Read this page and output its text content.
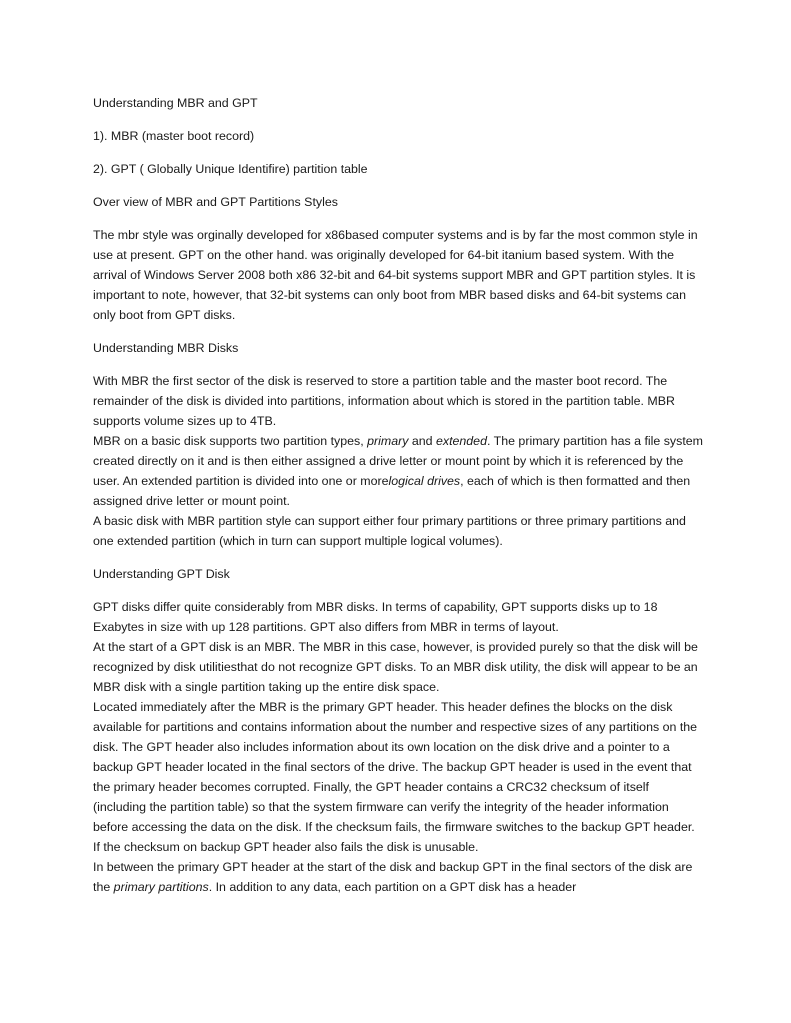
Understanding MBR and GPT

1). MBR (master boot record)

2). GPT ( Globally Unique Identifire) partition table

Over view of MBR and GPT Partitions Styles

The mbr style was orginally developed for x86based computer systems and is by far the most common style in use at present. GPT on the other hand. was originally developed for 64-bit itanium based system. With the arrival of Windows Server 2008 both x86 32-bit and 64-bit systems support MBR and GPT partition styles. It is important to note, however, that 32-bit systems can only boot from MBR based disks and 64-bit systems can only boot from GPT disks.

Understanding MBR Disks

With MBR the first sector of the disk is reserved to store a partition table and the master boot record. The remainder of the disk is divided into partitions, information about which is stored in the partition table. MBR supports volume sizes up to 4TB.

MBR on a basic disk supports two partition types, primary and extended. The primary partition has a file system created directly on it and is then either assigned a drive letter or mount point by which it is referenced by the user. An extended partition is divided into one or morelogical drives, each of which is then formatted and then assigned drive letter or mount point.

A basic disk with MBR partition style can support either four primary partitions or three primary partitions and one extended partition (which in turn can support multiple logical volumes).

Understanding GPT Disk

GPT disks differ quite considerably from MBR disks. In terms of capability, GPT supports disks up to 18 Exabytes in size with up 128 partitions. GPT also differs from MBR in terms of layout.

At the start of a GPT disk is an MBR. The MBR in this case, however, is provided purely so that the disk will be recognized by disk utilitiesthat do not recognize GPT disks. To an MBR disk utility, the disk will appear to be an MBR disk with a single partition taking up the entire disk space.

Located immediately after the MBR is the primary GPT header. This header defines the blocks on the disk available for partitions and contains information about the number and respective sizes of any partitions on the disk. The GPT header also includes information about its own location on the disk drive and a pointer to a backup GPT header located in the final sectors of the drive. The backup GPT header is used in the event that the primary header becomes corrupted. Finally, the GPT header contains a CRC32 checksum of itself (including the partition table) so that the system firmware can verify the integrity of the header information before accessing the data on the disk. If the checksum fails, the firmware switches to the backup GPT header. If the checksum on backup GPT header also fails the disk is unusable.

In between the primary GPT header at the start of the disk and backup GPT in the final sectors of the disk are the primary partitions. In addition to any data, each partition on a GPT disk has a header
